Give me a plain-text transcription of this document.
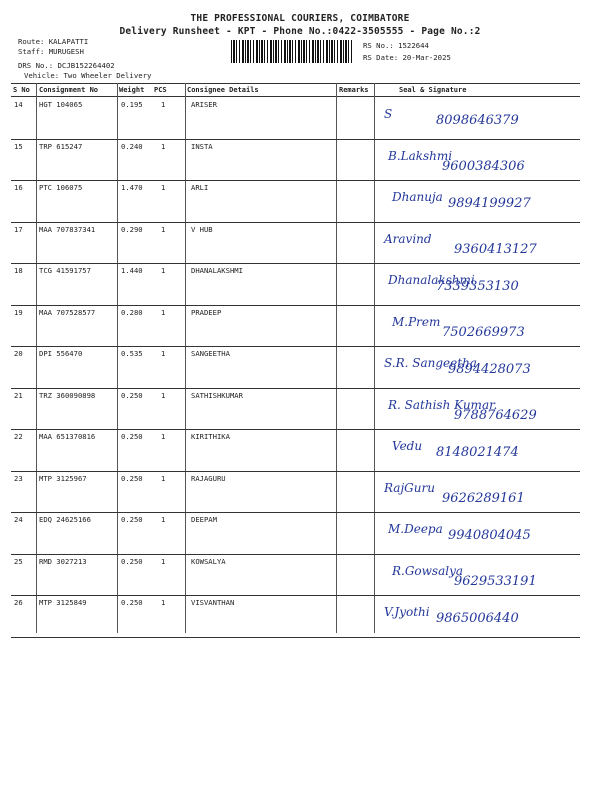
THE PROFESSIONAL COURIERS, COIMBATORE
Delivery Runsheet - KPT - Phone No.:0422-3505555 - Page No.:2
Route: KALAPATTI
Staff: MURUGESH
DRS No.: DCJB152264402
Vehicle: Two Wheeler Delivery
RS No.: 1522644
RS Date: 20-Mar-2025
S No Consignment No	Weight PCS	Consignee Details	Remarks	Seal & Signature
14 HGT 104065	0.195	1	ARISER
S	8098646379
15 TRP 615247	0.240	1	INSTA
B.Lakshmi
9600384306
16 PTC 106075	1.470	1	ARLI
Dhanuja 9894199927
17 MAA 707837341	0.290	1	V HUB
Aravind
9360413127
18 TCG 41591757	1.440	1	DHANALAKSHMI
Dhanalakshmi
7339353130
19 MAA 707528577	0.280	1	PRADEEP
M.Prem
7502669973
20 DPI 556470	0.535	1	SANGEETHA
S.R. Sangeetha
9894428073
21 TRZ 360090898	0.250	1	SATHISHKUMAR
R. Sathish Kumar.
9788764629
22 MAA 651370816	0.250	1	KIRITHIKA
Vedu 8148021474
23 MTP 3125967	0.250	1	RAJAGURU
RajGuru
9626289161
24 EDQ 24625166	0.250	1	DEEPAM
M.Deepa 9940804045
25 RMD 3027213	0.250	1	KOWSALYA
R.Gowsalya
9629533191
26 MTP 3125849	0.250	1	VISVANTHAN
V.Jyothi 9865006440
